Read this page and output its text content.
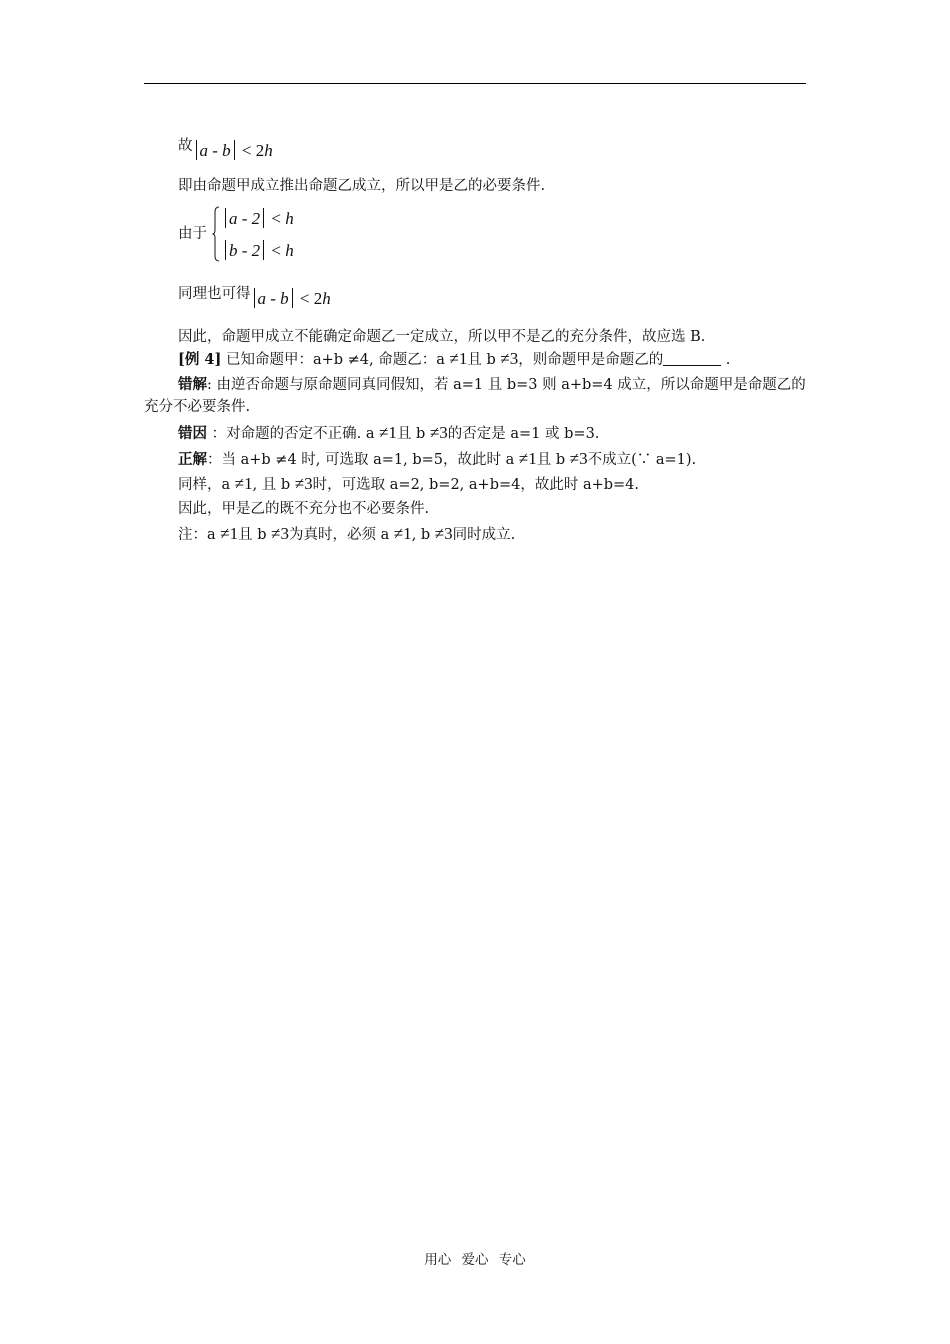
故 a - b < 2h
即由命题甲成立推出命题乙成立，所以甲是乙的必要条件.
由于
a - 2 < h
b - 2 < h
同理也可得 a - b < 2h
因此，命题甲成立不能确定命题乙一定成立，所以甲不是乙的充分条件，故应选 B.
[例 4] 已知命题甲：a+b ≠4, 命题乙：a ≠1且 b ≠3，则命题甲是命题乙的	.
错解: 由逆否命题与原命题同真同假知，若 a=1 且 b=3 则 a+b=4 成立，所以命题甲是命题乙的充分不必要条件.
错因 ：对命题的否定不正确. a ≠1且 b ≠3的否定是 a=1 或 b=3.
正解：当 a+b ≠4 时, 可选取 a=1, b=5，故此时 a ≠1且 b ≠3不成立(∵ a=1).
同样，a ≠1, 且 b ≠3时，可选取 a=2, b=2, a+b=4，故此时 a+b=4.
因此，甲是乙的既不充分也不必要条件.
注：a ≠1且 b ≠3为真时，必须 a ≠1, b ≠3同时成立.
用心 爱心 专心
